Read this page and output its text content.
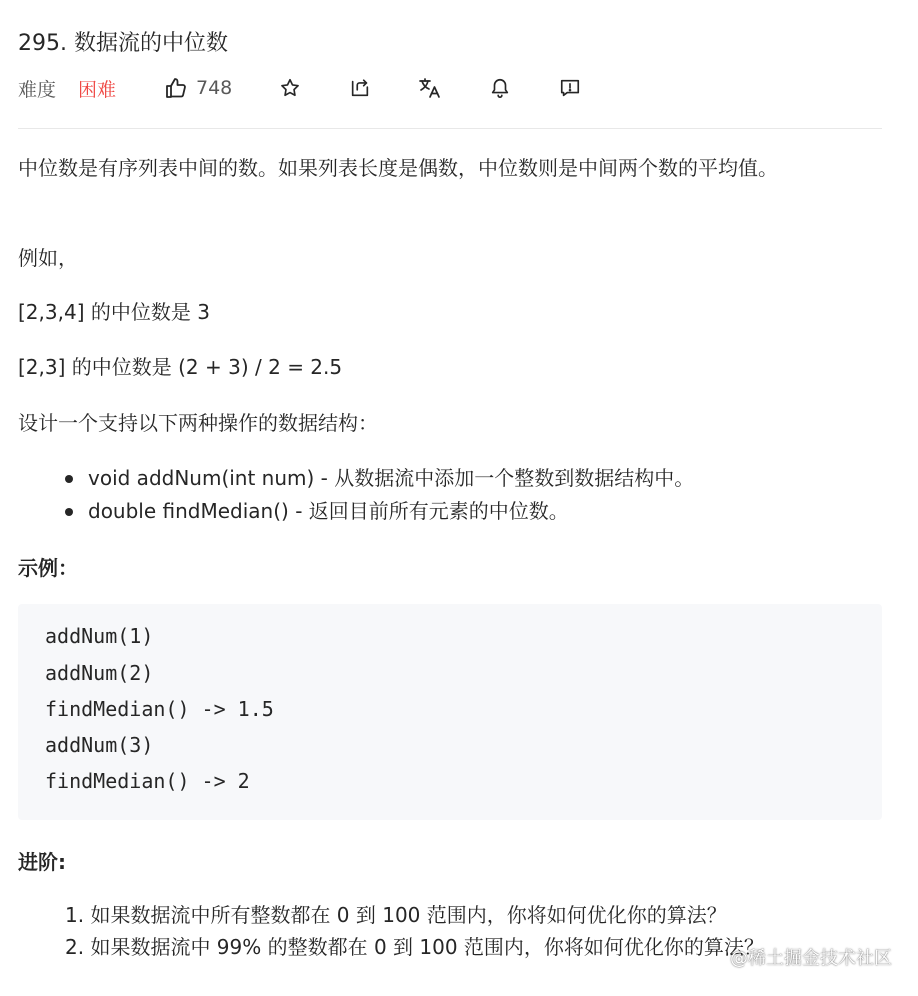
295. 数据流的中位数
难度 困难	748
中位数是有序列表中间的数。如果列表长度是偶数，中位数则是中间两个数的平均值。
例如，
[2,3,4] 的中位数是 3
[2,3] 的中位数是 (2 + 3) / 2 = 2.5
设计一个支持以下两种操作的数据结构：
void addNum(int num) - 从数据流中添加一个整数到数据结构中。
double findMedian() - 返回目前所有元素的中位数。
示例：
addNum(1)
addNum(2)
findMedian() -> 1.5
addNum(3)
findMedian() -> 2
进阶:
1. 如果数据流中所有整数都在 0 到 100 范围内，你将如何优化你的算法？
2. 如果数据流中 99% 的整数都在 0 到 100 范围内，你将如何优化你的算法？
@稀土掘金技术社区
